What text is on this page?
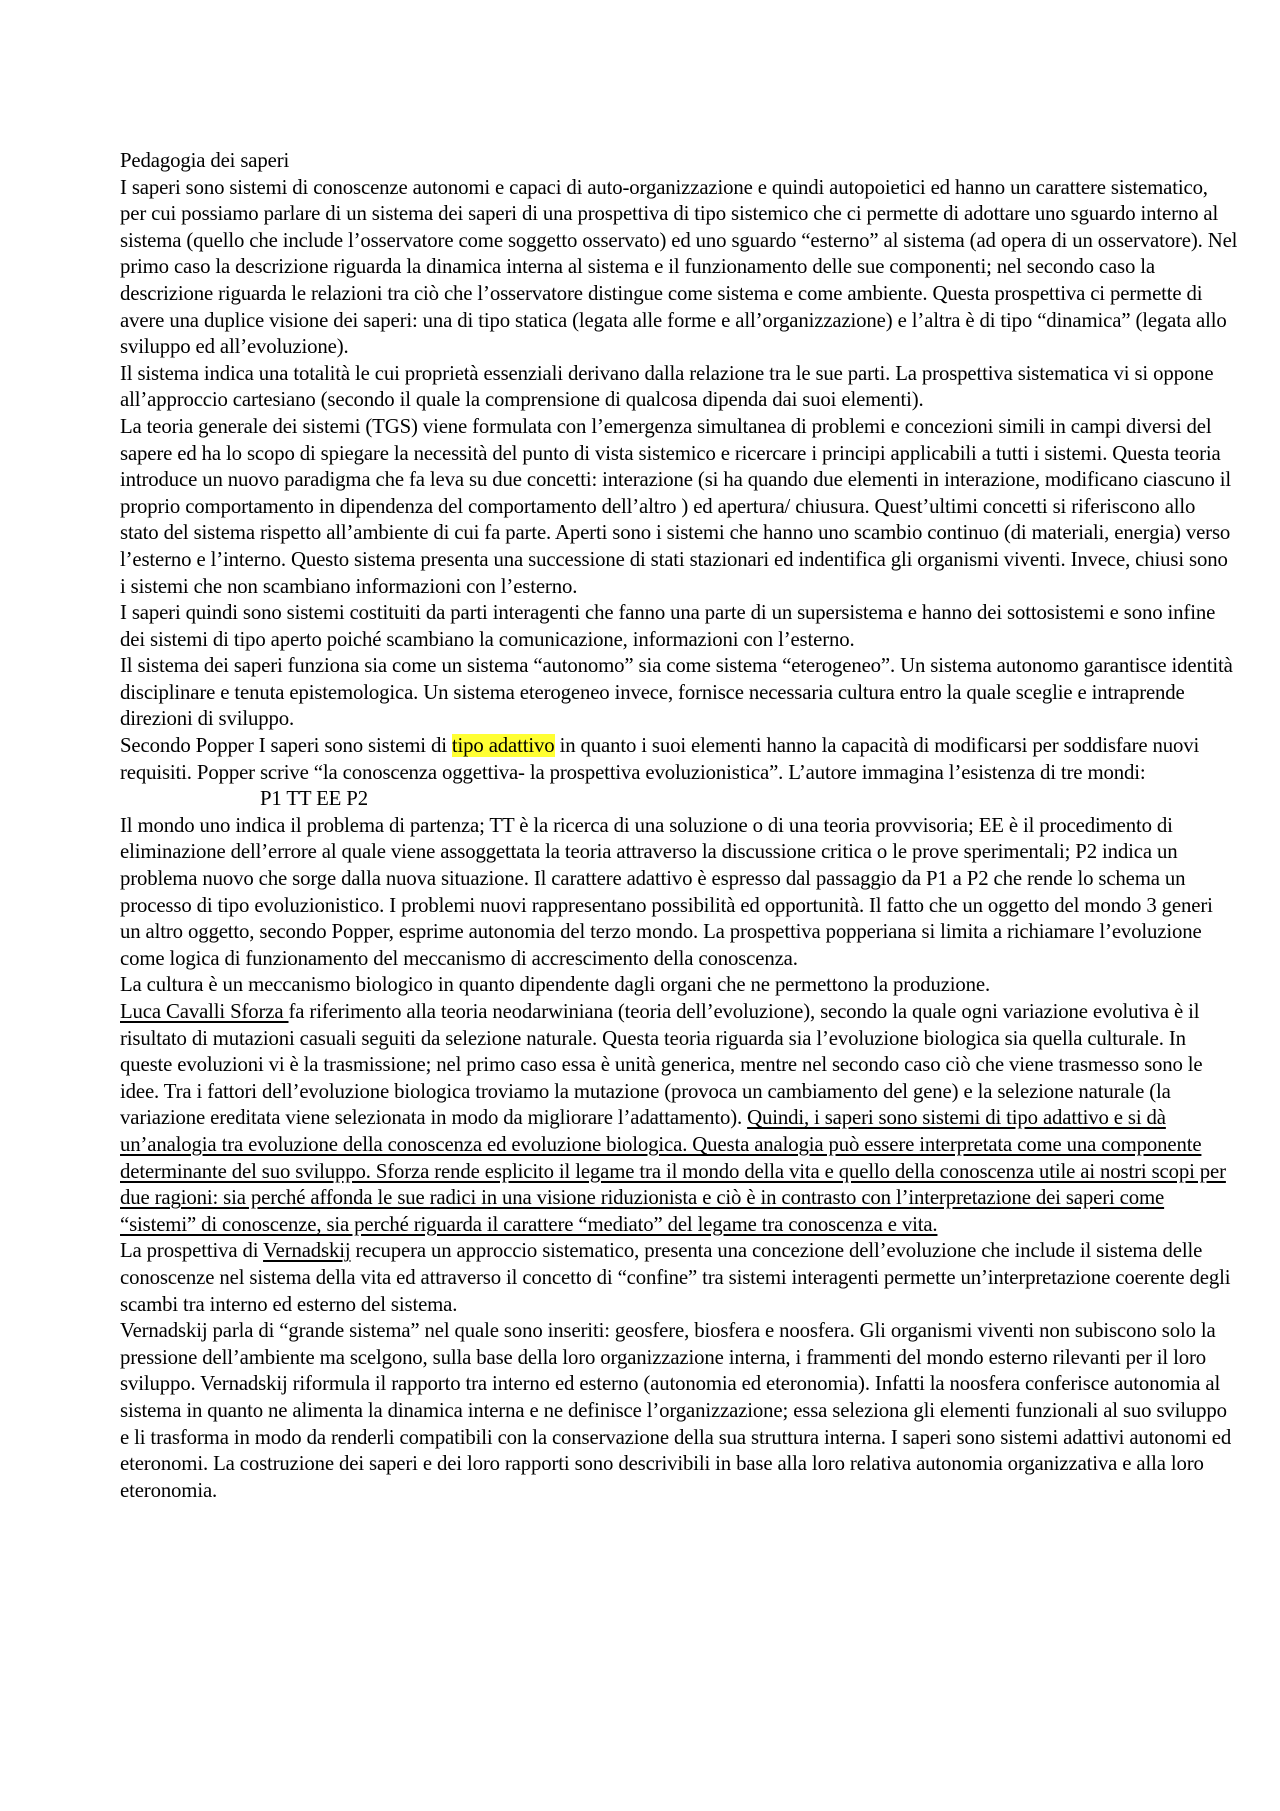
Pedagogia dei saperi

I saperi sono sistemi di conoscenze autonomi e capaci di auto-organizzazione e quindi autopoietici ed hanno un carattere sistematico, per cui possiamo parlare di un sistema dei saperi di una prospettiva di tipo sistemico che ci permette di adottare uno sguardo interno al sistema (quello che include l’osservatore come soggetto osservato) ed uno sguardo “esterno” al sistema (ad opera di un osservatore). Nel primo caso la descrizione riguarda la dinamica interna al sistema e il funzionamento delle sue componenti; nel secondo caso la descrizione riguarda le relazioni tra ciò che l’osservatore distingue come sistema e come ambiente. Questa prospettiva ci permette di avere una duplice visione dei saperi: una di tipo statica (legata alle forme e all’organizzazione) e l’altra è di tipo “dinamica” (legata allo sviluppo ed all’evoluzione).

Il sistema indica una totalità le cui proprietà essenziali derivano dalla relazione tra le sue parti. La prospettiva sistematica vi si oppone all’approccio cartesiano (secondo il quale la comprensione di qualcosa dipenda dai suoi elementi).

La teoria generale dei sistemi (TGS) viene formulata con l’emergenza simultanea di problemi e concezioni simili in campi diversi del sapere ed ha lo scopo di spiegare la necessità del punto di vista sistemico e ricercare i principi applicabili a tutti i sistemi. Questa teoria introduce un nuovo paradigma che fa leva su due concetti: interazione (si ha quando due elementi in interazione, modificano ciascuno il proprio comportamento in dipendenza del comportamento dell’altro ) ed apertura/ chiusura. Quest’ultimi concetti si riferiscono allo stato del sistema rispetto all’ambiente di cui fa parte. Aperti sono i sistemi che hanno uno scambio continuo (di materiali, energia) verso l’esterno e l’interno. Questo sistema presenta una successione di stati stazionari ed indentifica gli organismi viventi. Invece, chiusi sono i sistemi che non scambiano informazioni con l’esterno.

I saperi quindi sono sistemi costituiti da parti interagenti che fanno una parte di un supersistema e hanno dei sottosistemi e sono infine dei sistemi di tipo aperto poiché scambiano la comunicazione, informazioni con l’esterno.

Il sistema dei saperi funziona sia come un sistema “autonomo” sia come sistema “eterogeneo”. Un sistema autonomo garantisce identità disciplinare e tenuta epistemologica. Un sistema eterogeneo invece, fornisce necessaria cultura entro la quale sceglie e intraprende direzioni di sviluppo.

Secondo Popper I saperi sono sistemi di tipo adattivo in quanto i suoi elementi hanno la capacità di modificarsi per soddisfare nuovi requisiti. Popper scrive “la conoscenza oggettiva- la prospettiva evoluzionistica”. L’autore immagina l’esistenza di tre mondi:P1 TT EE P2

Il mondo uno indica il problema di partenza; TT è la ricerca di una soluzione o di una teoria provvisoria; EE è il procedimento di eliminazione dell’errore al quale viene assoggettata la teoria attraverso la discussione critica o le prove sperimentali; P2 indica un problema nuovo che sorge dalla nuova situazione. Il carattere adattivo è espresso dal passaggio da P1 a P2 che rende lo schema un processo di tipo evoluzionistico. I problemi nuovi rappresentano possibilità ed opportunità. Il fatto che un oggetto del mondo 3 generi un altro oggetto, secondo Popper, esprime autonomia del terzo mondo. La prospettiva popperiana si limita a richiamare l’evoluzione come logica di funzionamento del meccanismo di accrescimento della conoscenza.

La cultura è un meccanismo biologico in quanto dipendente dagli organi che ne permettono la produzione.

Luca Cavalli Sforza fa riferimento alla teoria neodarwiniana (teoria dell’evoluzione), secondo la quale ogni variazione evolutiva è il risultato di mutazioni casuali seguiti da selezione naturale. Questa teoria riguarda sia l’evoluzione biologica sia quella culturale. In queste evoluzioni vi è la trasmissione; nel primo caso essa è unità generica, mentre nel secondo caso ciò che viene trasmesso sono le idee. Tra i fattori dell’evoluzione biologica troviamo la mutazione (provoca un cambiamento del gene) e la selezione naturale (la variazione ereditata viene selezionata in modo da migliorare l’adattamento). Quindi, i saperi sono sistemi di tipo adattivo e si dà un’analogia tra evoluzione della conoscenza ed evoluzione biologica. Questa analogia può essere interpretata come una componente determinante del suo sviluppo. Sforza rende esplicito il legame tra il mondo della vita e quello della conoscenza utile ai nostri scopi per due ragioni: sia perché affonda le sue radici in una visione riduzionista e ciò è in contrasto con l’interpretazione dei saperi come “sistemi” di conoscenze, sia perché riguarda il carattere “mediato” del legame tra conoscenza e vita.

La prospettiva di Vernadskij recupera un approccio sistematico, presenta una concezione dell’evoluzione che include il sistema delle conoscenze nel sistema della vita ed attraverso il concetto di “confine” tra sistemi interagenti permette un’interpretazione coerente degli scambi tra interno ed esterno del sistema.

Vernadskij parla di “grande sistema” nel quale sono inseriti: geosfere, biosfera e noosfera. Gli organismi viventi non subiscono solo la pressione dell’ambiente ma scelgono, sulla base della loro organizzazione interna, i frammenti del mondo esterno rilevanti per il loro sviluppo. Vernadskij riformula il rapporto tra interno ed esterno (autonomia ed eteronomia). Infatti la noosfera conferisce autonomia al sistema in quanto ne alimenta la dinamica interna e ne definisce l’organizzazione; essa seleziona gli elementi funzionali al suo sviluppo e li trasforma in modo da renderli compatibili con la conservazione della sua struttura interna. I saperi sono sistemi adattivi autonomi ed eteronomi. La costruzione dei saperi e dei loro rapporti sono descrivibili in base alla loro relativa autonomia organizzativa e alla loro eteronomia.
